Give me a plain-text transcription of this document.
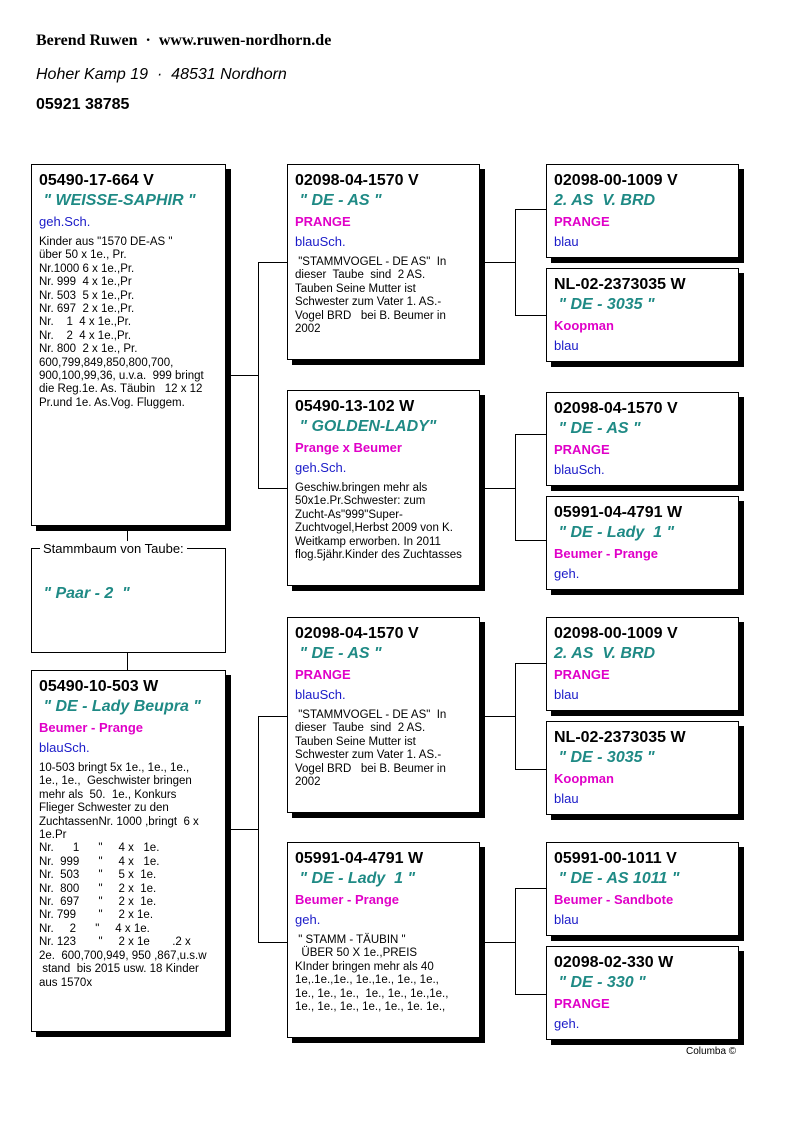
Berend Ruwen  ·  www.ruwen-nordhorn.de
Hoher Kamp 19  ·  48531 Nordhorn
05921 38785
05490-17-664 V
" WEISSE-SAPHIR "
geh.Sch.
Kinder aus "1570 DE-AS "
über 50 x 1e., Pr.
Nr.1000 6 x 1e.,Pr.
Nr. 999  4 x 1e.,Pr
Nr. 503  5 x 1e.,Pr.
Nr. 697  2 x 1e.,Pr.
Nr.    1  4 x 1e.,Pr.
Nr.    2  4 x 1e.,Pr.
Nr. 800  2 x 1e., Pr.
600,799,849,850,800,700,
900,100,99,36, u.v.a.  999 bringt
die Reg.1e. As. Täubin   12 x 12
Pr.und 1e. As.Vog. Fluggem.
" Paar - 2  "
Stammbaum von Taube:
05490-10-503 W
" DE - Lady Beupra "
Beumer - Prange
blauSch.
10-503 bringt 5x 1e., 1e., 1e.,
1e., 1e.,  Geschwister bringen
mehr als  50.  1e., Konkurs
Flieger Schwester zu den
ZuchtassenNr. 1000 ,bringt  6 x
1e.Pr
Nr.      1      "     4 x   1e.
Nr.  999      "     4 x   1e.
Nr.  503      "     5 x  1e.
Nr.  800      "     2 x  1e.
Nr.  697      "     2 x  1e.
Nr. 799       "     2 x 1e.
Nr.     2      "     4 x 1e.
Nr. 123       "     2 x 1e       .2 x
2e.  600,700,949, 950 ,867,u.s.w
stand  bis 2015 usw. 18 Kinder
aus 1570x
02098-04-1570 V
" DE - AS "
PRANGE
blauSch.
"STAMMVOGEL - DE AS"  In
dieser  Taube  sind  2 AS.
Tauben Seine Mutter ist
Schwester zum Vater 1. AS.-
Vogel BRD   bei B. Beumer in
2002
05490-13-102 W
" GOLDEN-LADY"
Prange x Beumer
geh.Sch.
Geschiw.bringen mehr als
50x1e.Pr.Schwester: zum
Zucht-As"999"Super-
Zuchtvogel,Herbst 2009 von K.
Weitkamp erworben. In 2011
flog.5jähr.Kinder des Zuchtasses
02098-04-1570 V
" DE - AS "
PRANGE
blauSch.
"STAMMVOGEL - DE AS"  In
dieser  Taube  sind  2 AS.
Tauben Seine Mutter ist
Schwester zum Vater 1. AS.-
Vogel BRD   bei B. Beumer in
2002
05991-04-4791 W
" DE - Lady  1 "
Beumer - Prange
geh.
" STAMM - TÄUBIN "
ÜBER 50 X 1e.,PREIS
KInder bringen mehr als 40
1e,.1e.,1e., 1e.,1e., 1e., 1e.,
1e., 1e., 1e.,  1e., 1e., 1e.,1e.,
1e., 1e., 1e., 1e., 1e., 1e. 1e.,
02098-00-1009 V
2. AS  V. BRD
PRANGE
blau
NL-02-2373035 W
" DE - 3035 "
Koopman
blau
02098-04-1570 V
" DE - AS "
PRANGE
blauSch.
05991-04-4791 W
" DE - Lady  1 "
Beumer - Prange
geh.
02098-00-1009 V
2. AS  V. BRD
PRANGE
blau
NL-02-2373035 W
" DE - 3035 "
Koopman
blau
05991-00-1011 V
" DE - AS 1011 "
Beumer - Sandbote
blau
02098-02-330 W
" DE - 330 "
PRANGE
geh.
Columba ©
